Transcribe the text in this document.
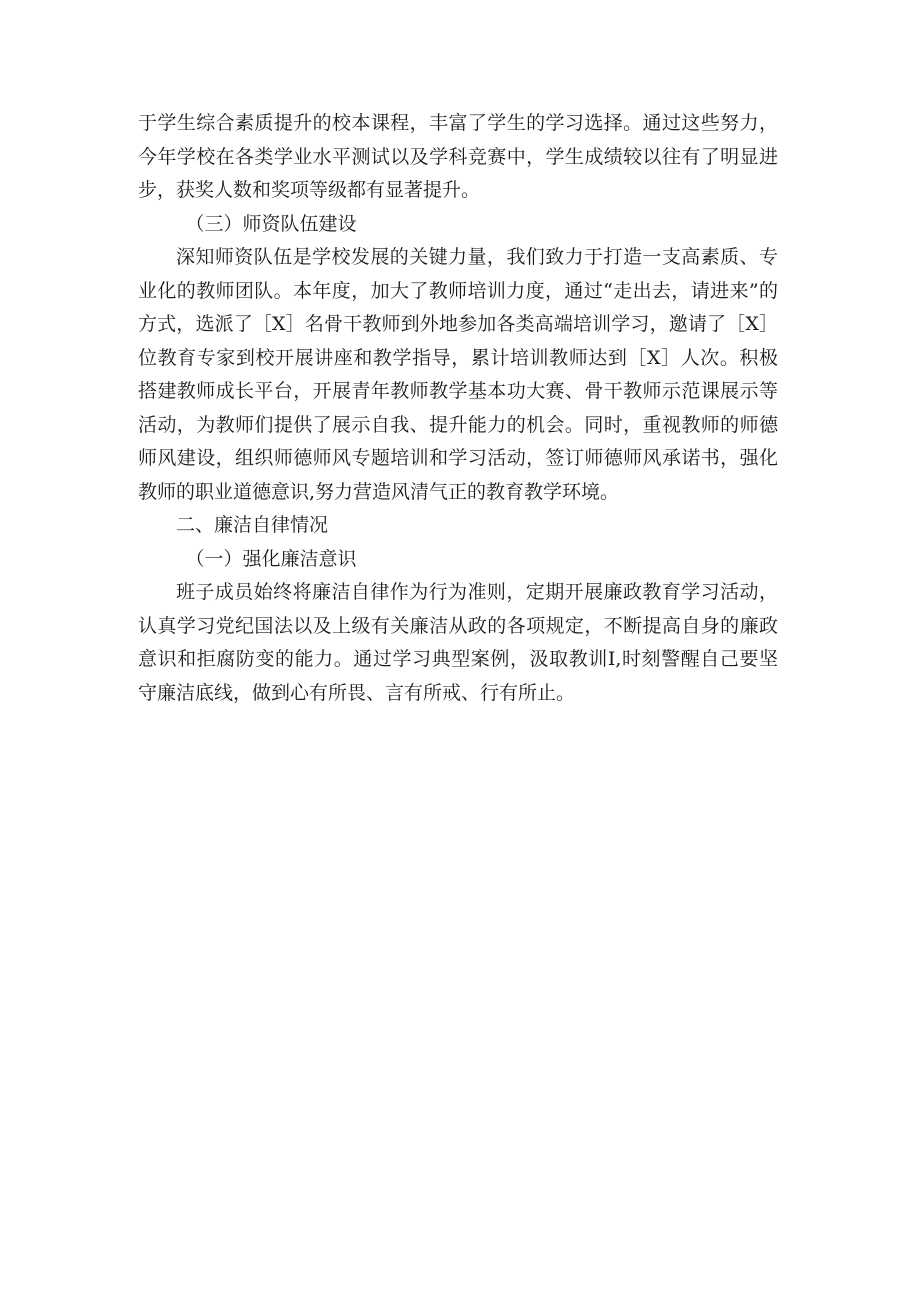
于学生综合素质提升的校本课程，丰富了学生的学习选择。通过这些努力，今年学校在各类学业水平测试以及学科竞赛中，学生成绩较以往有了明显进步，获奖人数和奖项等级都有显著提升。

（三）师资队伍建设

深知师资队伍是学校发展的关键力量，我们致力于打造一支高素质、专业化的教师团队。本年度，加大了教师培训力度，通过“走出去，请进来”的方式，选派了［X］名骨干教师到外地参加各类高端培训学习，邀请了［X］位教育专家到校开展讲座和教学指导，累计培训教师达到［X］人次。积极搭建教师成长平台，开展青年教师教学基本功大赛、骨干教师示范课展示等活动，为教师们提供了展示自我、提升能力的机会。同时，重视教师的师德师风建设，组织师德师风专题培训和学习活动，签订师德师风承诺书，强化教师的职业道德意识,努力营造风清气正的教育教学环境。

二、廉洁自律情况

（一）强化廉洁意识

班子成员始终将廉洁自律作为行为准则，定期开展廉政教育学习活动，认真学习党纪国法以及上级有关廉洁从政的各项规定，不断提高自身的廉政意识和拒腐防变的能力。通过学习典型案例，汲取教训I,时刻警醒自己要坚守廉洁底线，做到心有所畏、言有所戒、行有所止。
